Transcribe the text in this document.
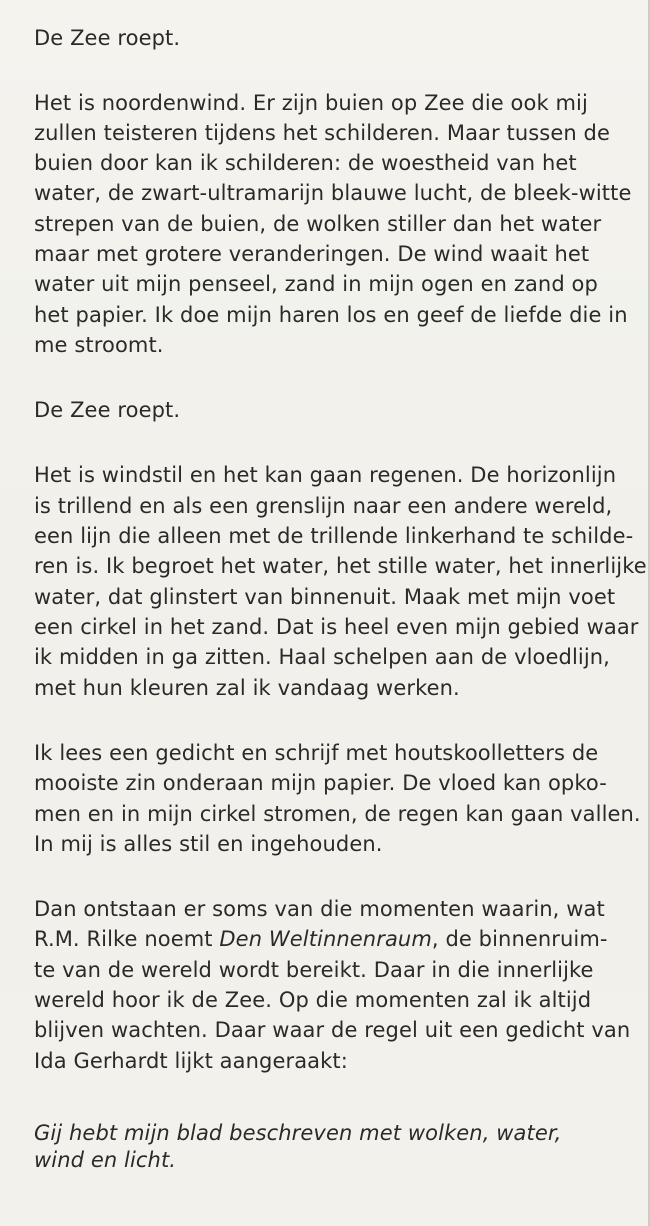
De Zee roept.
Het is noordenwind. Er zijn buien op Zee die ook mij
zullen teisteren tijdens het schilderen. Maar tussen de
buien door kan ik schilderen: de woestheid van het
water, de zwart-ultramarijn blauwe lucht, de bleek-witte
strepen van de buien, de wolken stiller dan het water
maar met grotere veranderingen. De wind waait het
water uit mijn penseel, zand in mijn ogen en zand op
het papier. Ik doe mijn haren los en geef de liefde die in
me stroomt.
De Zee roept.
Het is windstil en het kan gaan regenen. De horizonlijn
is trillend en als een grenslijn naar een andere wereld,
een lijn die alleen met de trillende linkerhand te schilde-
ren is. Ik begroet het water, het stille water, het innerlijke
water, dat glinstert van binnenuit. Maak met mijn voet
een cirkel in het zand. Dat is heel even mijn gebied waar
ik midden in ga zitten. Haal schelpen aan de vloedlijn,
met hun kleuren zal ik vandaag werken.
Ik lees een gedicht en schrijf met houtskoolletters de
mooiste zin onderaan mijn papier. De vloed kan opko-
men en in mijn cirkel stromen, de regen kan gaan vallen.
In mij is alles stil en ingehouden.
Dan ontstaan er soms van die momenten waarin, wat
R.M. Rilke noemt Den Weltinnenraum, de binnenruim-
te van de wereld wordt bereikt. Daar in die innerlijke
wereld hoor ik de Zee. Op die momenten zal ik altijd
blijven wachten. Daar waar de regel uit een gedicht van
Ida Gerhardt lijkt aangeraakt:
Gij hebt mijn blad beschreven met wolken, water,
wind en licht.
